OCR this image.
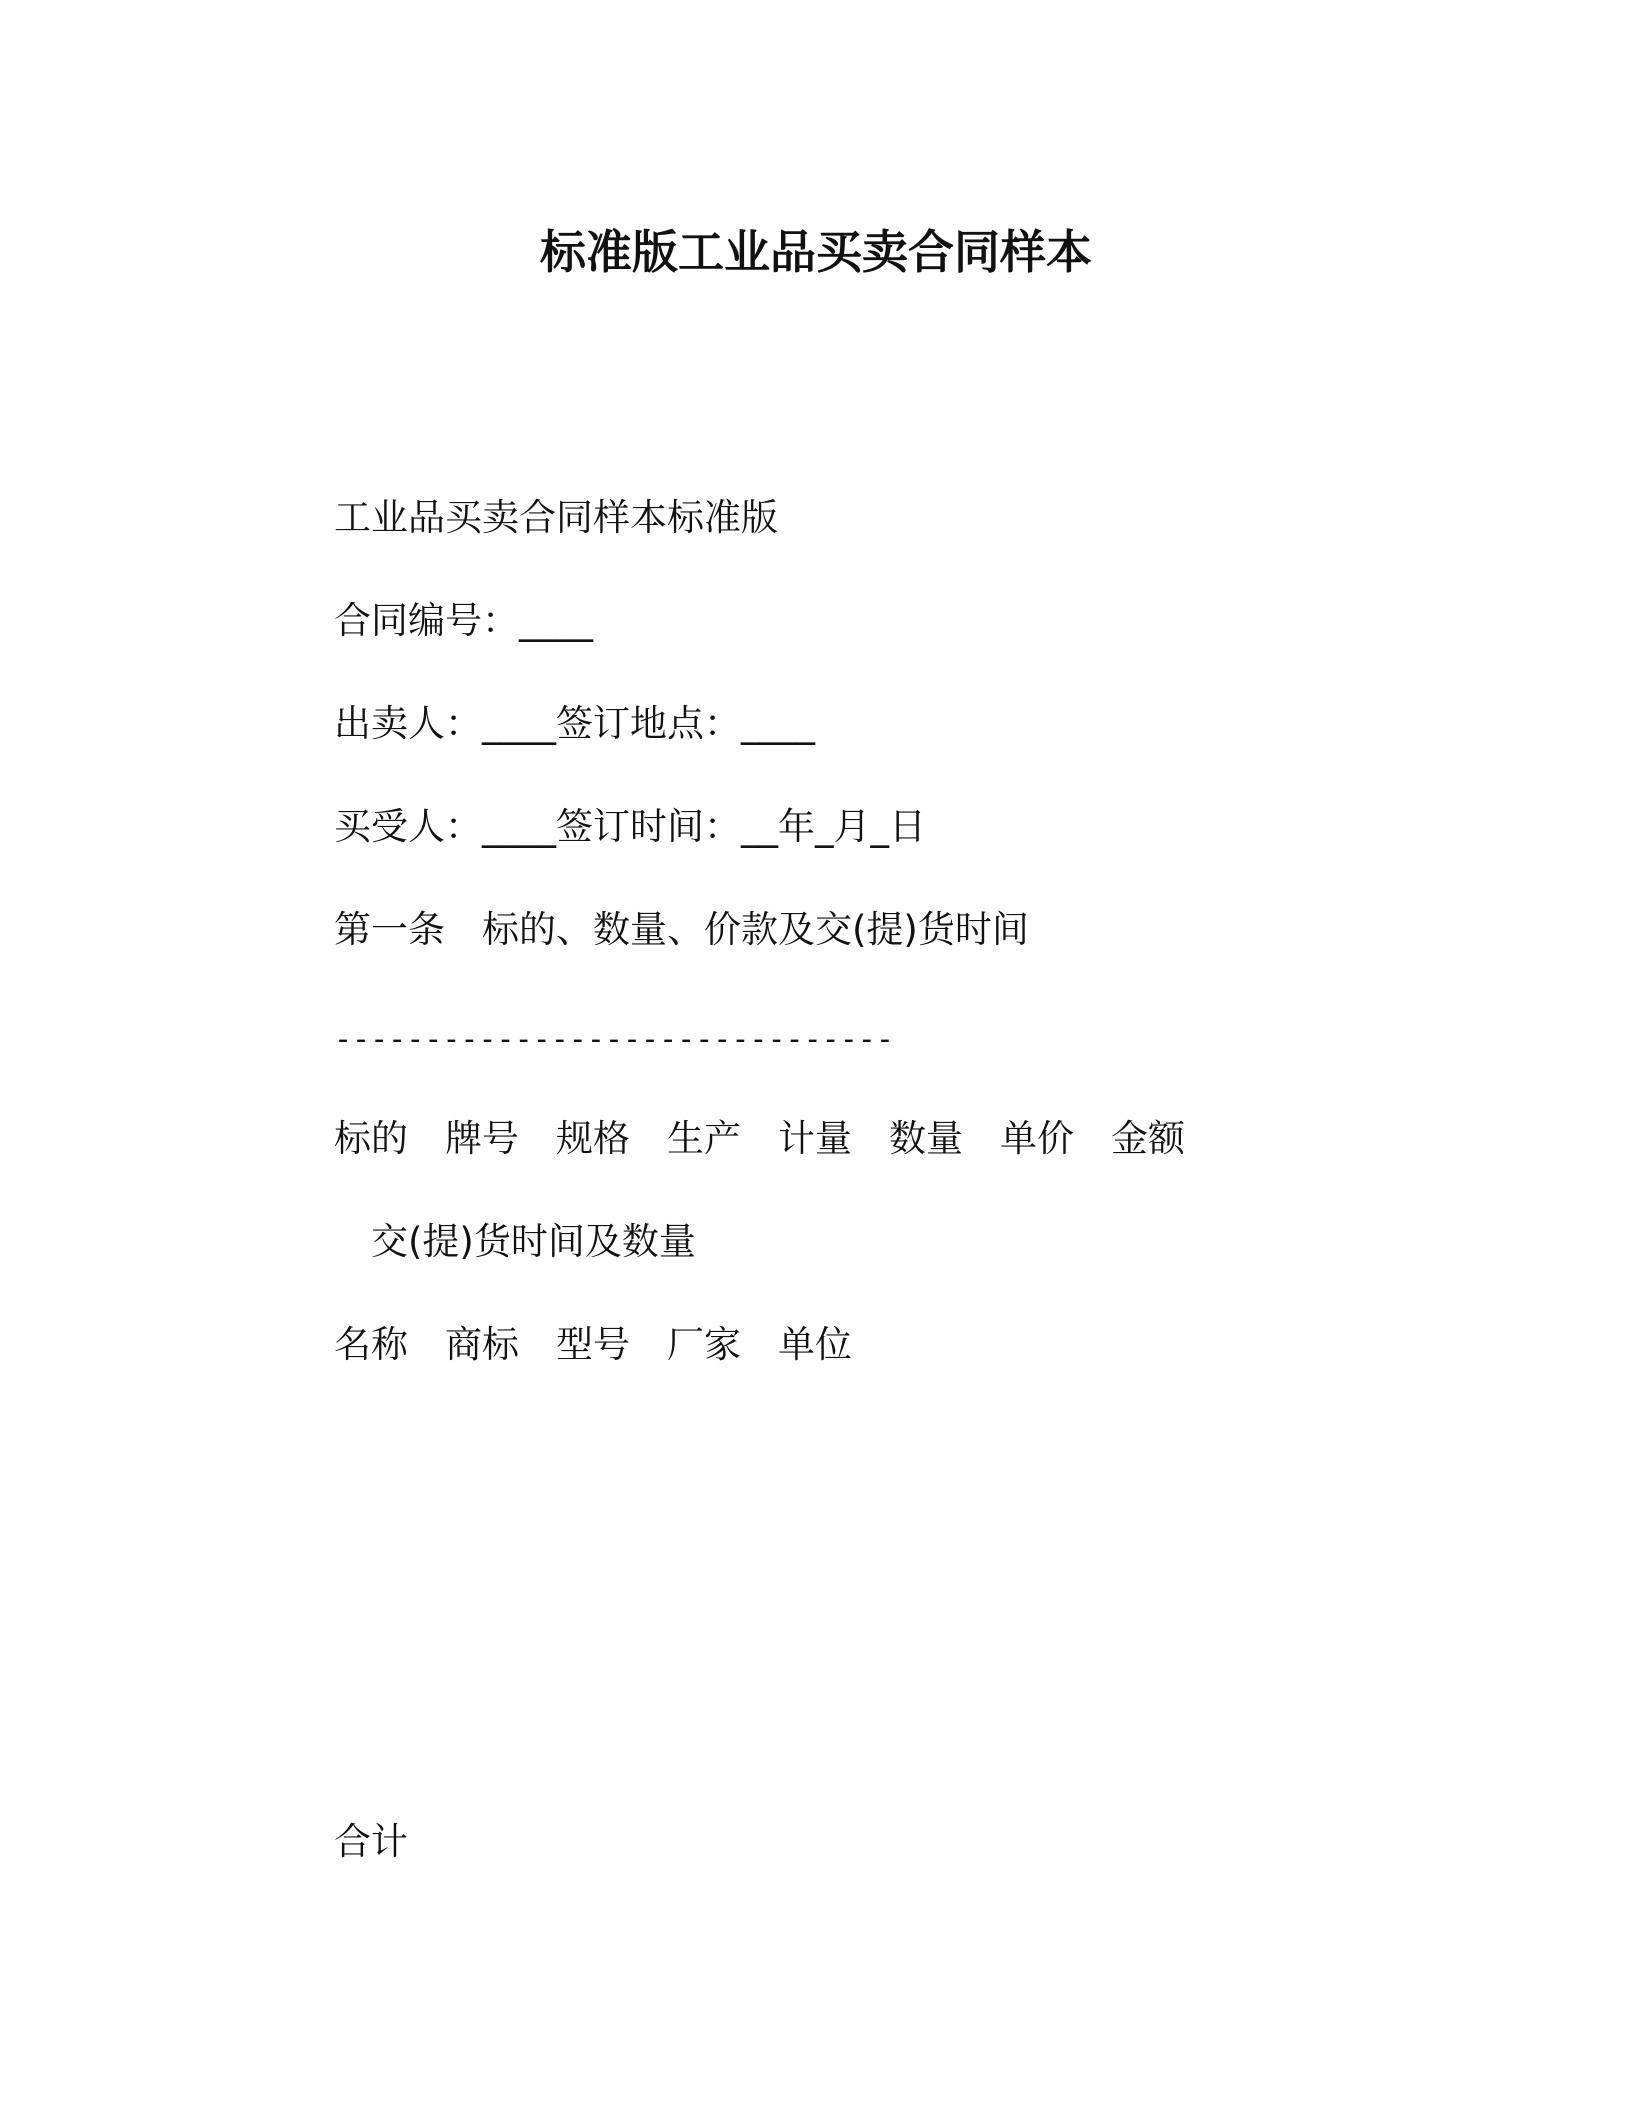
标准版工业品买卖合同样本
工业品买卖合同样本标准版
合同编号：____
出卖人：____签订地点：____
买受人：____签订时间：__年_月_日
第一条　标的、数量、价款及交(提)货时间
-------------------------------
标的 牌号 规格 生产 计量 数量 单价 金额
交(提)货时间及数量
名称 商标 型号 厂家 单位
合计
